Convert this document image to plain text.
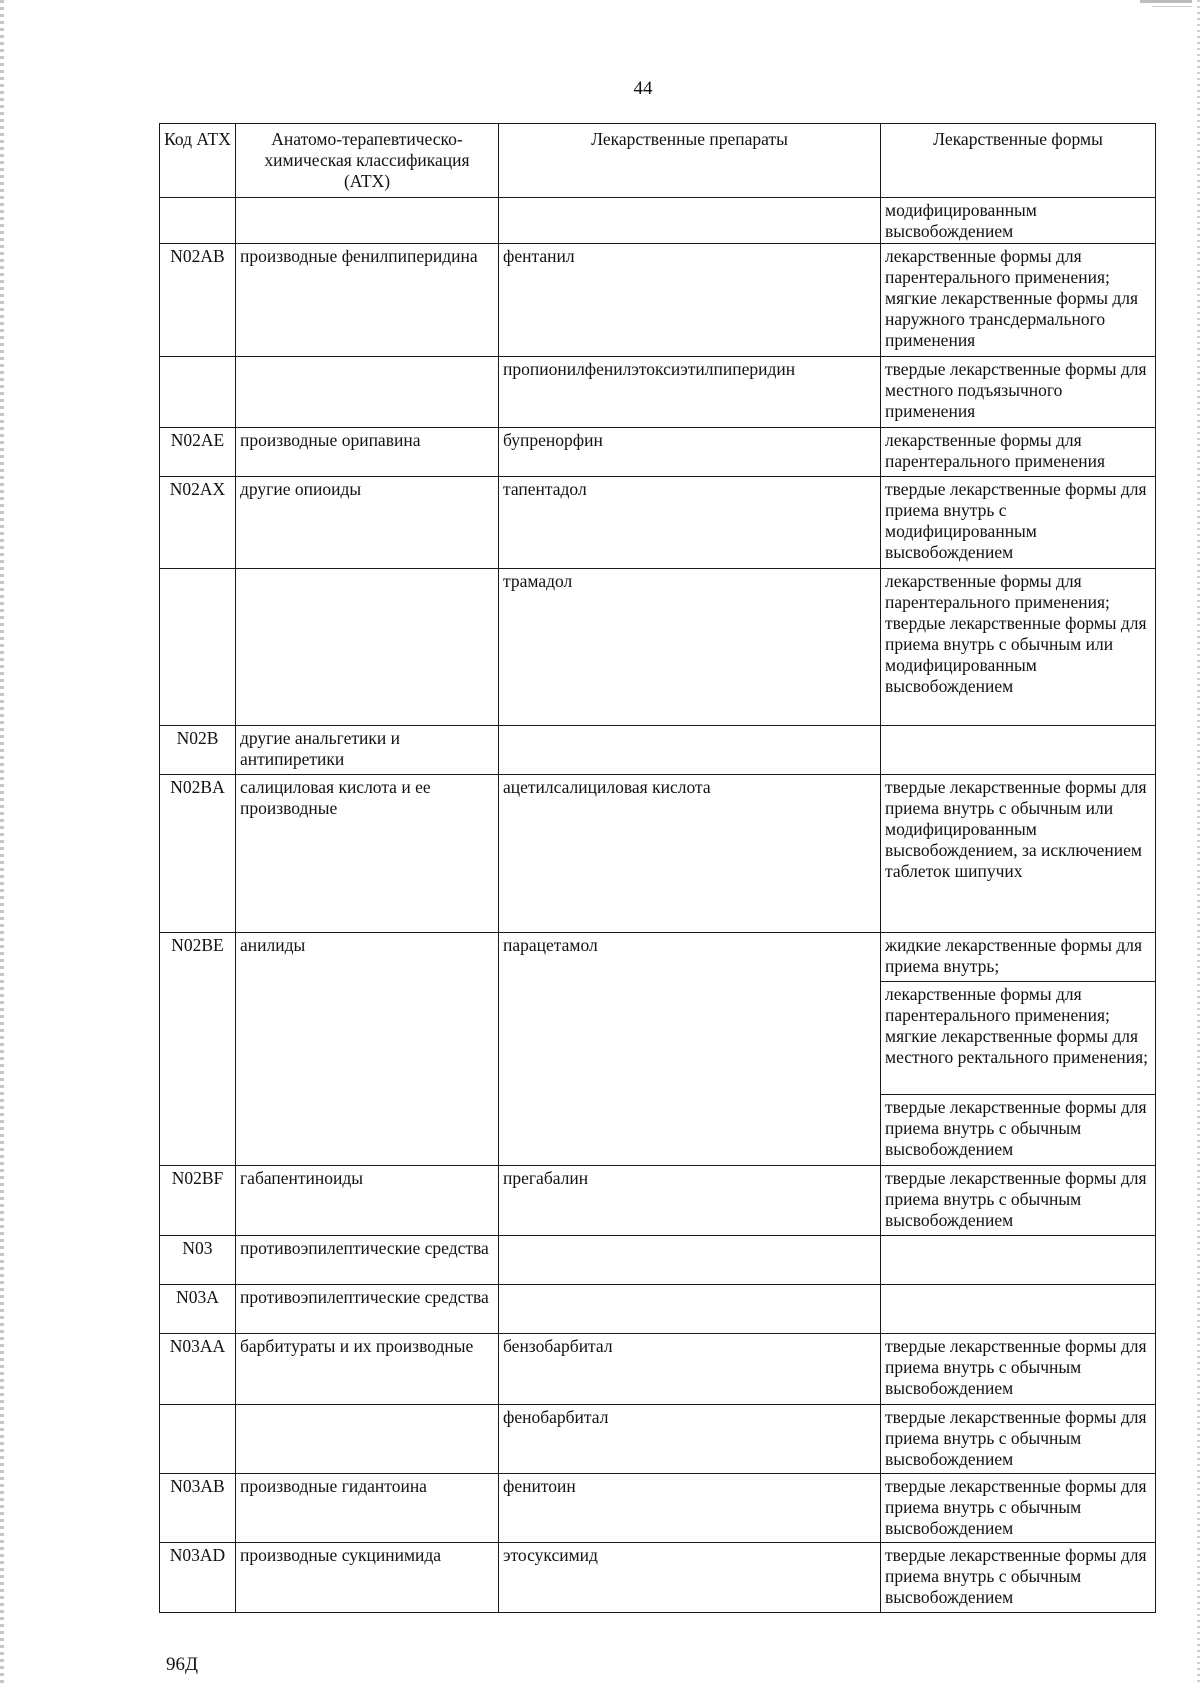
44
Код АТХ	Анатомо-терапевтическо-химическая классификация (АТХ)	Лекарственные препараты	Лекарственные формы
			модифицированным высвобождением
N02AB	производные фенилпиперидина	фентанил	лекарственные формы для парентерального применения; мягкие лекарственные формы для наружного трансдермального применения
		пропионилфенилэтоксиэтилпиперидин	твердые лекарственные формы для местного подъязычного применения
N02AE	производные орипавина	бупренорфин	лекарственные формы для парентерального применения
N02AX	другие опиоиды	тапентадол	твердые лекарственные формы для приема внутрь с модифицированным высвобождением
		трамадол	лекарственные формы для парентерального применения; твердые лекарственные формы для приема внутрь с обычным или модифицированным высвобождением
N02B	другие анальгетики и антипиретики		
N02BA	салициловая кислота и ее производные	ацетилсалициловая кислота	твердые лекарственные формы для приема внутрь с обычным или модифицированным высвобождением, за исключением таблеток шипучих
N02BE	анилиды	парацетамол	жидкие лекарственные формы для приема внутрь;
			лекарственные формы для парентерального применения; мягкие лекарственные формы для местного ректального применения;
			твердые лекарственные формы для приема внутрь с обычным высвобождением
N02BF	габапентиноиды	прегабалин	твердые лекарственные формы для приема внутрь с обычным высвобождением
N03	противоэпилептические средства		
N03A	противоэпилептические средства		
N03AA	барбитураты и их производные	бензобарбитал	твердые лекарственные формы для приема внутрь с обычным высвобождением
		фенобарбитал	твердые лекарственные формы для приема внутрь с обычным высвобождением
N03AB	производные гидантоина	фенитоин	твердые лекарственные формы для приема внутрь с обычным высвобождением
N03AD	производные сукцинимида	этосуксимид	твердые лекарственные формы для приема внутрь с обычным высвобождением
96Д
